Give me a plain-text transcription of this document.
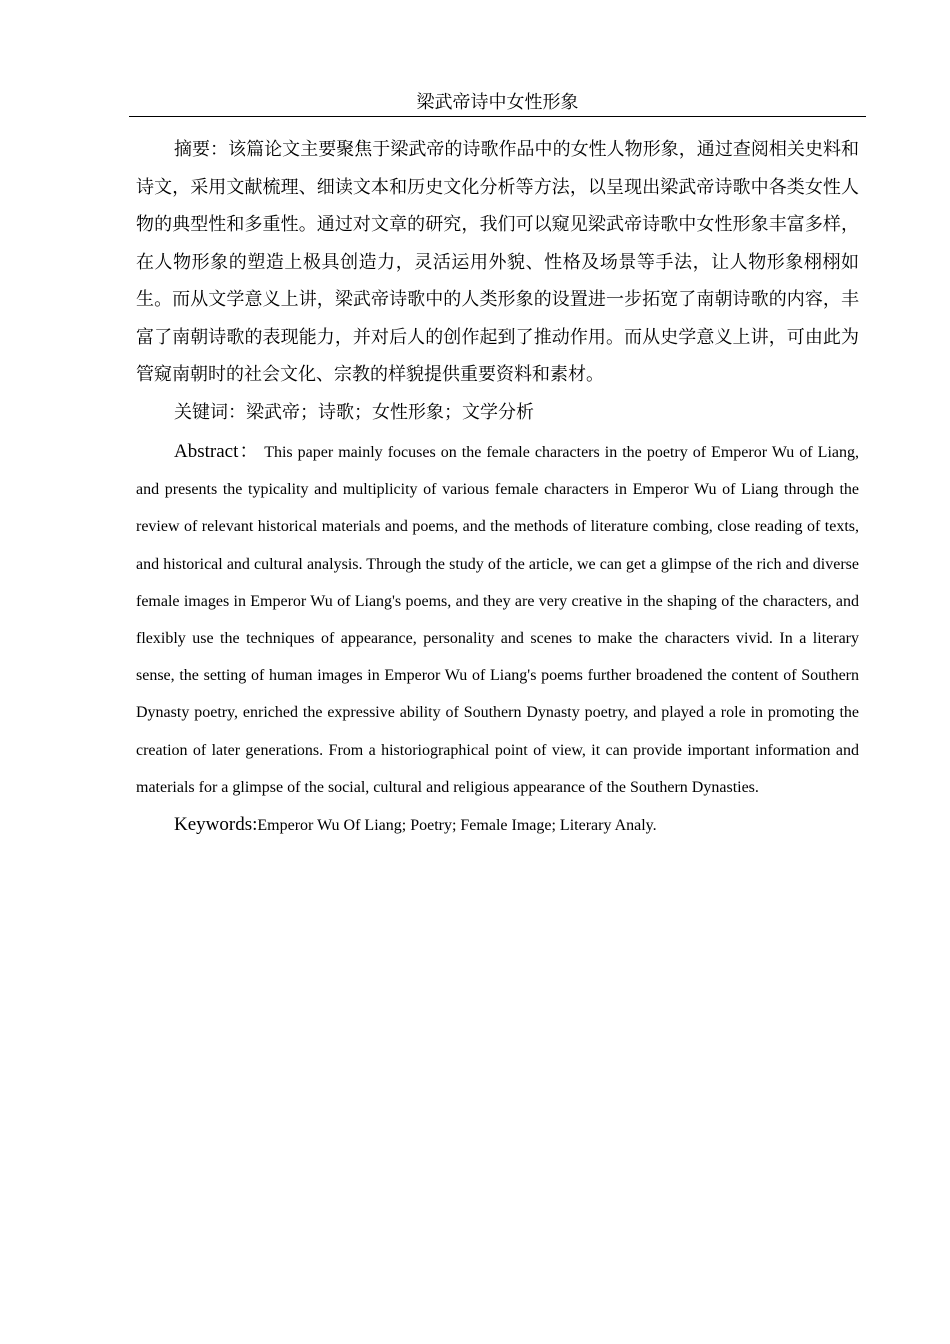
梁武帝诗中女性形象

摘要：该篇论文主要聚焦于梁武帝的诗歌作品中的女性人物形象，通过查阅相关史料和诗文，采用文献梳理、细读文本和历史文化分析等方法，以呈现出梁武帝诗歌中各类女性人物的典型性和多重性。通过对文章的研究，我们可以窥见梁武帝诗歌中女性形象丰富多样，在人物形象的塑造上极具创造力，灵活运用外貌、性格及场景等手法，让人物形象栩栩如生。而从文学意义上讲，梁武帝诗歌中的人类形象的设置进一步拓宽了南朝诗歌的内容，丰富了南朝诗歌的表现能力，并对后人的创作起到了推动作用。而从史学意义上讲，可由此为管窥南朝时的社会文化、宗教的样貌提供重要资料和素材。

关键词：梁武帝；诗歌；女性形象；文学分析

Abstract： This paper mainly focuses on the female characters in the poetry of Emperor Wu of Liang, and presents the typicality and multiplicity of various female characters in Emperor Wu of Liang through the review of relevant historical materials and poems, and the methods of literature combing, close reading of texts, and historical and cultural analysis. Through the study of the article, we can get a glimpse of the rich and diverse female images in Emperor Wu of Liang's poems, and they are very creative in the shaping of the characters, and flexibly use the techniques of appearance, personality and scenes to make the characters vivid. In a literary sense, the setting of human images in Emperor Wu of Liang's poems further broadened the content of Southern Dynasty poetry, enriched the expressive ability of Southern Dynasty poetry, and played a role in promoting the creation of later generations. From a historiographical point of view, it can provide important information and materials for a glimpse of the social, cultural and religious appearance of the Southern Dynasties.

Keywords:Emperor Wu Of Liang; Poetry; Female Image; Literary Analy.
